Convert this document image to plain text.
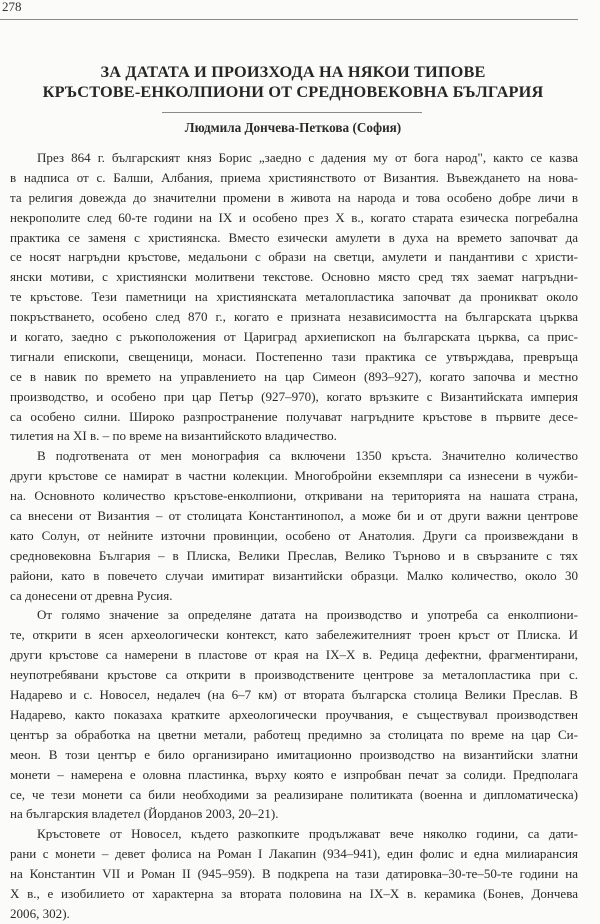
278
ЗА ДАТАТА И ПРОИЗХОДА НА НЯКОИ ТИПОВЕ
КРЪСТОВЕ-ЕНКОЛПИОНИ ОТ СРЕДНОВЕКОВНА БЪЛГАРИЯ
Людмила Дончева-Петкова (София)
През 864 г. българският княз Борис „заедно с дадения му от бога народ", както се казва
в надписа от с. Балши, Албания, приема християнството от Византия. Въвеждането на нова-
та религия довежда до значителни промени в живота на народа и това особено добре личи в
некрополите след 60-те години на IX и особено през X в., когато старата езическа погребална
практика се заменя с християнска. Вместо езически амулети в духа на времето започват да
се носят нагръдни кръстове, медальони с образи на светци, амулети и пандантиви с христи-
янски мотиви, с християнски молитвени текстове. Основно място сред тях заемат нагръдни-
те кръстове. Тези паметници на християнската металопластика започват да проникват около
покръстването, особено след 870 г., когато е призната независимостта на българската църква
и когато, заедно с ръкоположения от Цариград архиепископ на българската църква, са прис-
тигнали епископи, свещеници, монаси. Постепенно тази практика се утвърждава, превръща
се в навик по времето на управлението на цар Симеон (893–927), когато започва и местно
производство, и особено при цар Петър (927–970), когато връзките с Византийската империя
са особено силни. Широко разпространение получават нагръдните кръстове в първите десе-
тилетия на XI в. – по време на византийското владичество.
В подготвената от мен монография са включени 1350 кръста. Значително количество
други кръстове се намират в частни колекции. Многобройни екземпляри са изнесени в чужби-
на. Основното количество кръстове-енколпиони, откривани на територията на нашата страна,
са внесени от Византия – от столицата Константинопол, а може би и от други важни центрове
като Солун, от нейните източни провинции, особено от Анатолия. Други са произвеждани в
средновековна България – в Плиска, Велики Преслав, Велико Търново и в свързаните с тях
райони, като в повечето случаи имитират византийски образци. Малко количество, около 30
са донесени от древна Русия.
От голямо значение за определяне датата на производство и употреба са енколпиони-
те, открити в ясен археологически контекст, като забележителният троен кръст от Плиска. И
други кръстове са намерени в пластове от края на IX–X в. Редица дефектни, фрагментирани,
неупотребявани кръстове са открити в производствените центрове за металопластика при с.
Надарево и с. Новосел, недалеч (на 6–7 км) от втората българска столица Велики Преслав. В
Надарево, както показаха кратките археологически проучвания, е съществувал производствен
център за обработка на цветни метали, работещ предимно за столицата по време на цар Си-
меон. В този център е било организирано имитационно производство на византийски златни
монети – намерена е оловна пластинка, върху която е изпробван печат за солиди. Предполага
се, че тези монети са били необходими за реализиране политиката (военна и дипломатическа)
на българския владетел (Йорданов 2003, 20–21).
Кръстовете от Новосел, където разкопките продължават вече няколко години, са дати-
рани с монети – девет фолиса на Роман I Лакапин (934–941), един фолис и една милиарансия
на Константин VII и Роман II (945–959). В подкрепа на тази датировка–30-те–50-те години на
X в., е изобилието от характерна за втората половина на IX–X в. керамика (Бонев, Дончева
2006, 302).
